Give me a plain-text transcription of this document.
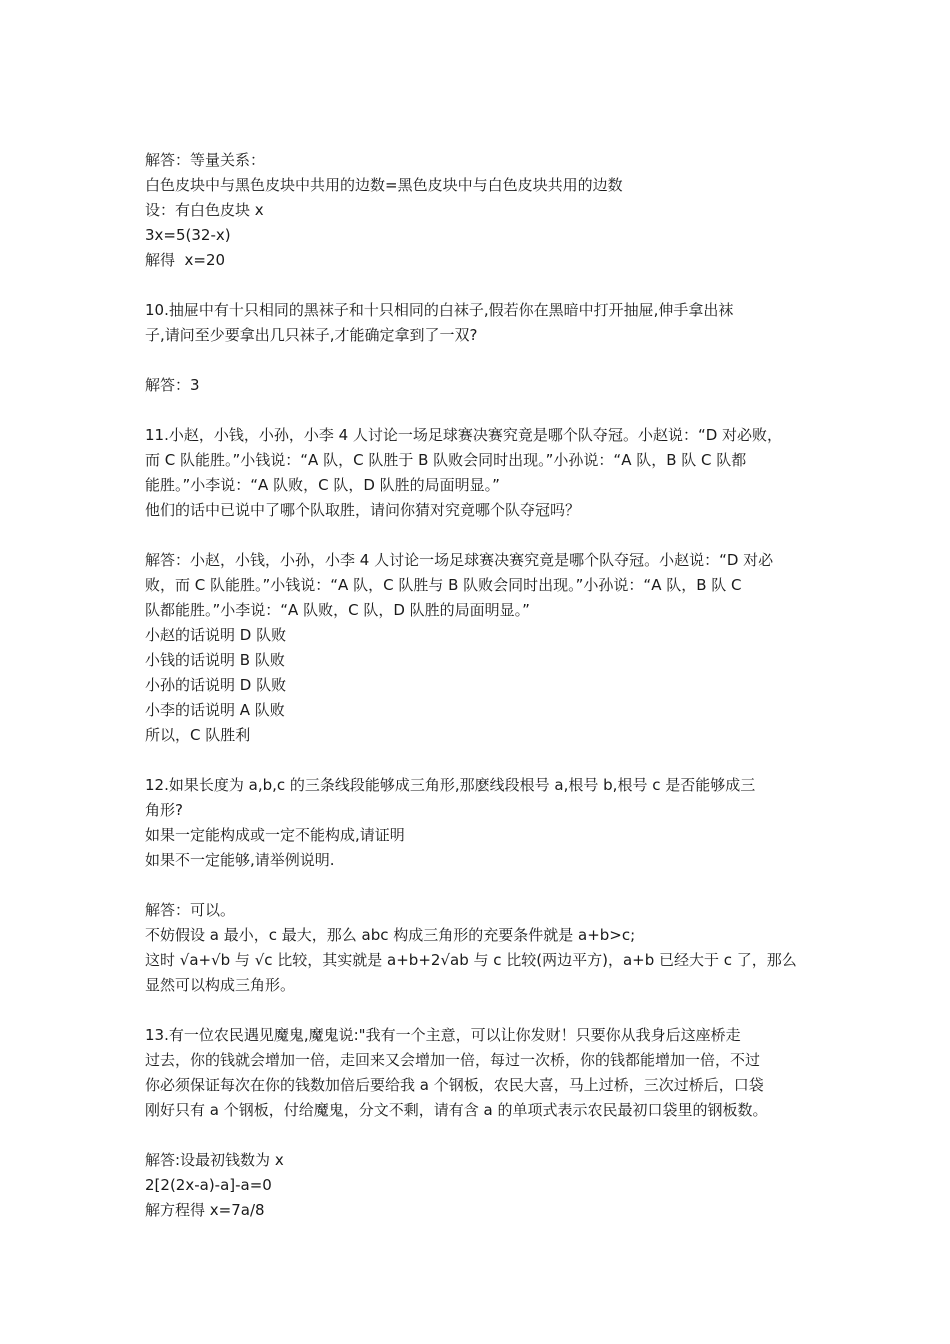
解答：等量关系：
白色皮块中与黑色皮块中共用的边数=黑色皮块中与白色皮块共用的边数
设：有白色皮块 x
3x=5(32-x)
解得  x=20
10.抽屉中有十只相同的黑袜子和十只相同的白袜子,假若你在黑暗中打开抽屉,伸手拿出袜
子,请问至少要拿出几只袜子,才能确定拿到了一双?
解答：3
11.小赵，小钱，小孙，小李 4 人讨论一场足球赛决赛究竟是哪个队夺冠。小赵说：“D 对必败，
而 C 队能胜。”小钱说：“A 队，C 队胜于 B 队败会同时出现。”小孙说：“A 队，B 队 C 队都
能胜。”小李说：“A 队败，C 队，D 队胜的局面明显。”
他们的话中已说中了哪个队取胜，请问你猜对究竟哪个队夺冠吗？
解答：小赵，小钱，小孙，小李 4 人讨论一场足球赛决赛究竟是哪个队夺冠。小赵说：“D 对必
败，而 C 队能胜。”小钱说：“A 队，C 队胜与 B 队败会同时出现。”小孙说：“A 队，B 队 C
队都能胜。”小李说：“A 队败，C 队，D 队胜的局面明显。”
小赵的话说明 D 队败
小钱的话说明 B 队败
小孙的话说明 D 队败
小李的话说明 A 队败
所以，C 队胜利
12.如果长度为 a,b,c 的三条线段能够成三角形,那麽线段根号 a,根号 b,根号 c 是否能够成三
角形?
如果一定能构成或一定不能构成,请证明
如果不一定能够,请举例说明.
解答：可以。
不妨假设 a 最小，c 最大，那么 abc 构成三角形的充要条件就是 a+b>c;
这时 √a+√b 与 √c 比较，其实就是 a+b+2√ab 与 c 比较(两边平方)，a+b 已经大于 c 了，那么
显然可以构成三角形。
13.有一位农民遇见魔鬼,魔鬼说:"我有一个主意，可以让你发财！只要你从我身后这座桥走
过去，你的钱就会增加一倍，走回来又会增加一倍，每过一次桥，你的钱都能增加一倍，不过
你必须保证每次在你的钱数加倍后要给我 a 个钢板，农民大喜，马上过桥，三次过桥后，口袋
刚好只有 a 个钢板，付给魔鬼，分文不剩，请有含 a 的单项式表示农民最初口袋里的钢板数。
解答:设最初钱数为 x
2[2(2x-a)-a]-a=0
解方程得 x=7a/8
